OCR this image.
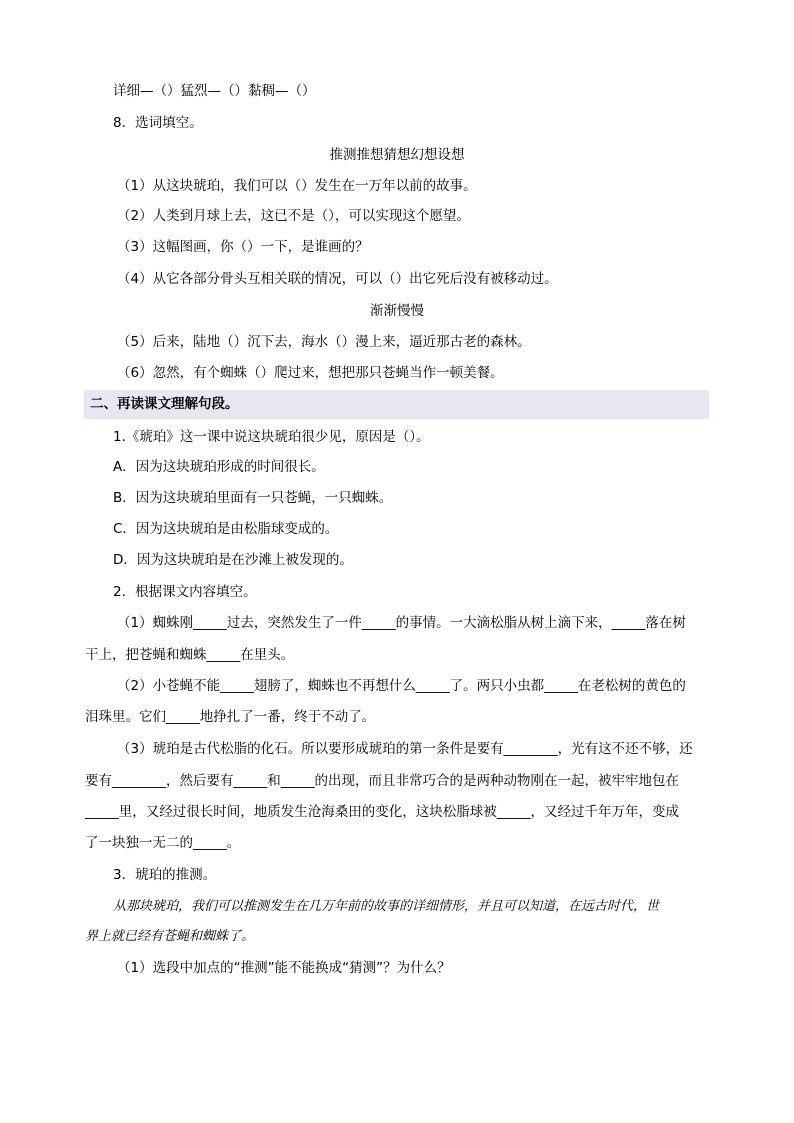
详细—（）猛烈—（）黏稠—（）
8．选词填空。
推测推想猜想幻想设想
（1）从这块琥珀，我们可以（）发生在一万年以前的故事。
（2）人类到月球上去，这已不是（），可以实现这个愿望。
（3）这幅图画，你（）一下，是谁画的？
（4）从它各部分骨头互相关联的情况，可以（）出它死后没有被移动过。
渐渐慢慢
（5）后来，陆地（）沉下去，海水（）漫上来，逼近那古老的森林。
（6）忽然，有个蜘蛛（）爬过来，想把那只苍蝇当作一顿美餐。
二、再读课文理解句段。
1.《琥珀》这一课中说这块琥珀很少见，原因是（）。
A．因为这块琥珀形成的时间很长。
B．因为这块琥珀里面有一只苍蝇，一只蜘蛛。
C．因为这块琥珀是由松脂球变成的。
D．因为这块琥珀是在沙滩上被发现的。
2．根据课文内容填空。
（1）蜘蛛刚_____过去，突然发生了一件_____的事情。一大滴松脂从树上滴下来，_____落在树
干上，把苍蝇和蜘蛛_____在里头。
（2）小苍蝇不能_____翅膀了，蜘蛛也不再想什么_____了。两只小虫都_____在老松树的黄色的
泪珠里。它们_____地挣扎了一番，终于不动了。
（3）琥珀是古代松脂的化石。所以要形成琥珀的第一条件是要有________，光有这不还不够，还
要有________，然后要有_____和_____的出现，而且非常巧合的是两种动物刚在一起，被牢牢地包在
_____里，又经过很长时间，地质发生沧海桑田的变化，这块松脂球被_____，又经过千年万年，变成
了一块独一无二的_____。
3．琥珀的推测。
从那块琥珀，我们可以推测发生在几万年前的故事的详细情形，并且可以知道，在远古时代，世
界上就已经有苍蝇和蜘蛛了。
（1）选段中加点的“推测”能不能换成“猜测”？为什么？
